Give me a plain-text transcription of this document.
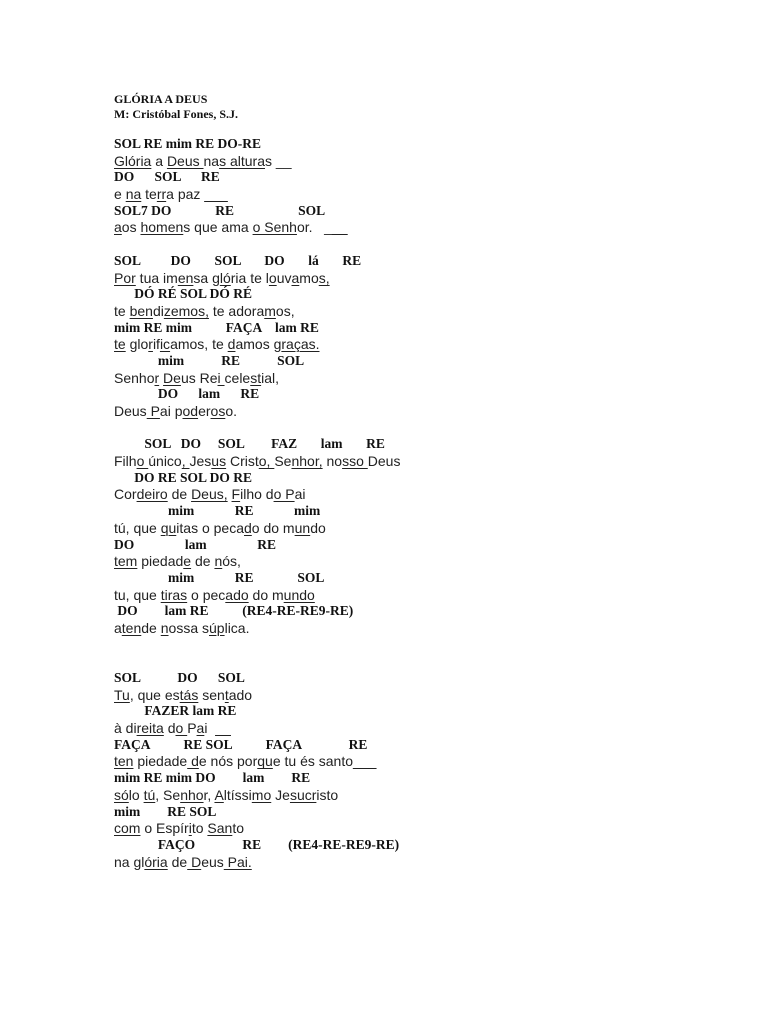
GLÓRIA A DEUS
M: Cristóbal Fones, S.J.
SOL RE mim RE DO-RE
Glória a Deus nas alturas __
DO      SOL      RE
e na terra paz ___
SOL7 DO             RE                   SOL
aos homens que ama o Senhor.   ___
SOL         DO       SOL       DO       lá       RE
Por tua imensa glória te louvamos,
DÓ RÉ SOL DÓ RÉ
te bendizemos, te adoramos,
mim RE mim          FAÇA    lam RE
te glorificamos, te damos graças.
mim           RE           SOL
Senhor Deus Rei celestial,
DO      lam      RE
Deus Pai poderoso.
SOL   DO     SOL        FAZ       lam       RE
Filho único, Jesus Cristo, Senhor, nosso Deus
DO RE SOL DO RE
Cordeiro de Deus, Filho do Pai
mim            RE            mim
tú, que quitas o pecado do mundo
DO               lam               RE
tem piedade de nós,
mim            RE             SOL
tu, que tiras o pecado do mundo
DO        lam RE          (RE4-RE-RE9-RE)
atende nossa súplica.
SOL           DO      SOL
Tu, que estás sentado
FAZER lam RE
à direita do Pai  __
FAÇA          RE SOL          FAÇA              RE
ten piedade de nós porque tu és santo___
mim RE mim DO        lam        RE
sólo tú, Senhor, Altíssimo Jesucristo
mim        RE SOL
com o Espírito Santo
FAÇO              RE        (RE4-RE-RE9-RE)
na glória de Deus Pai.
